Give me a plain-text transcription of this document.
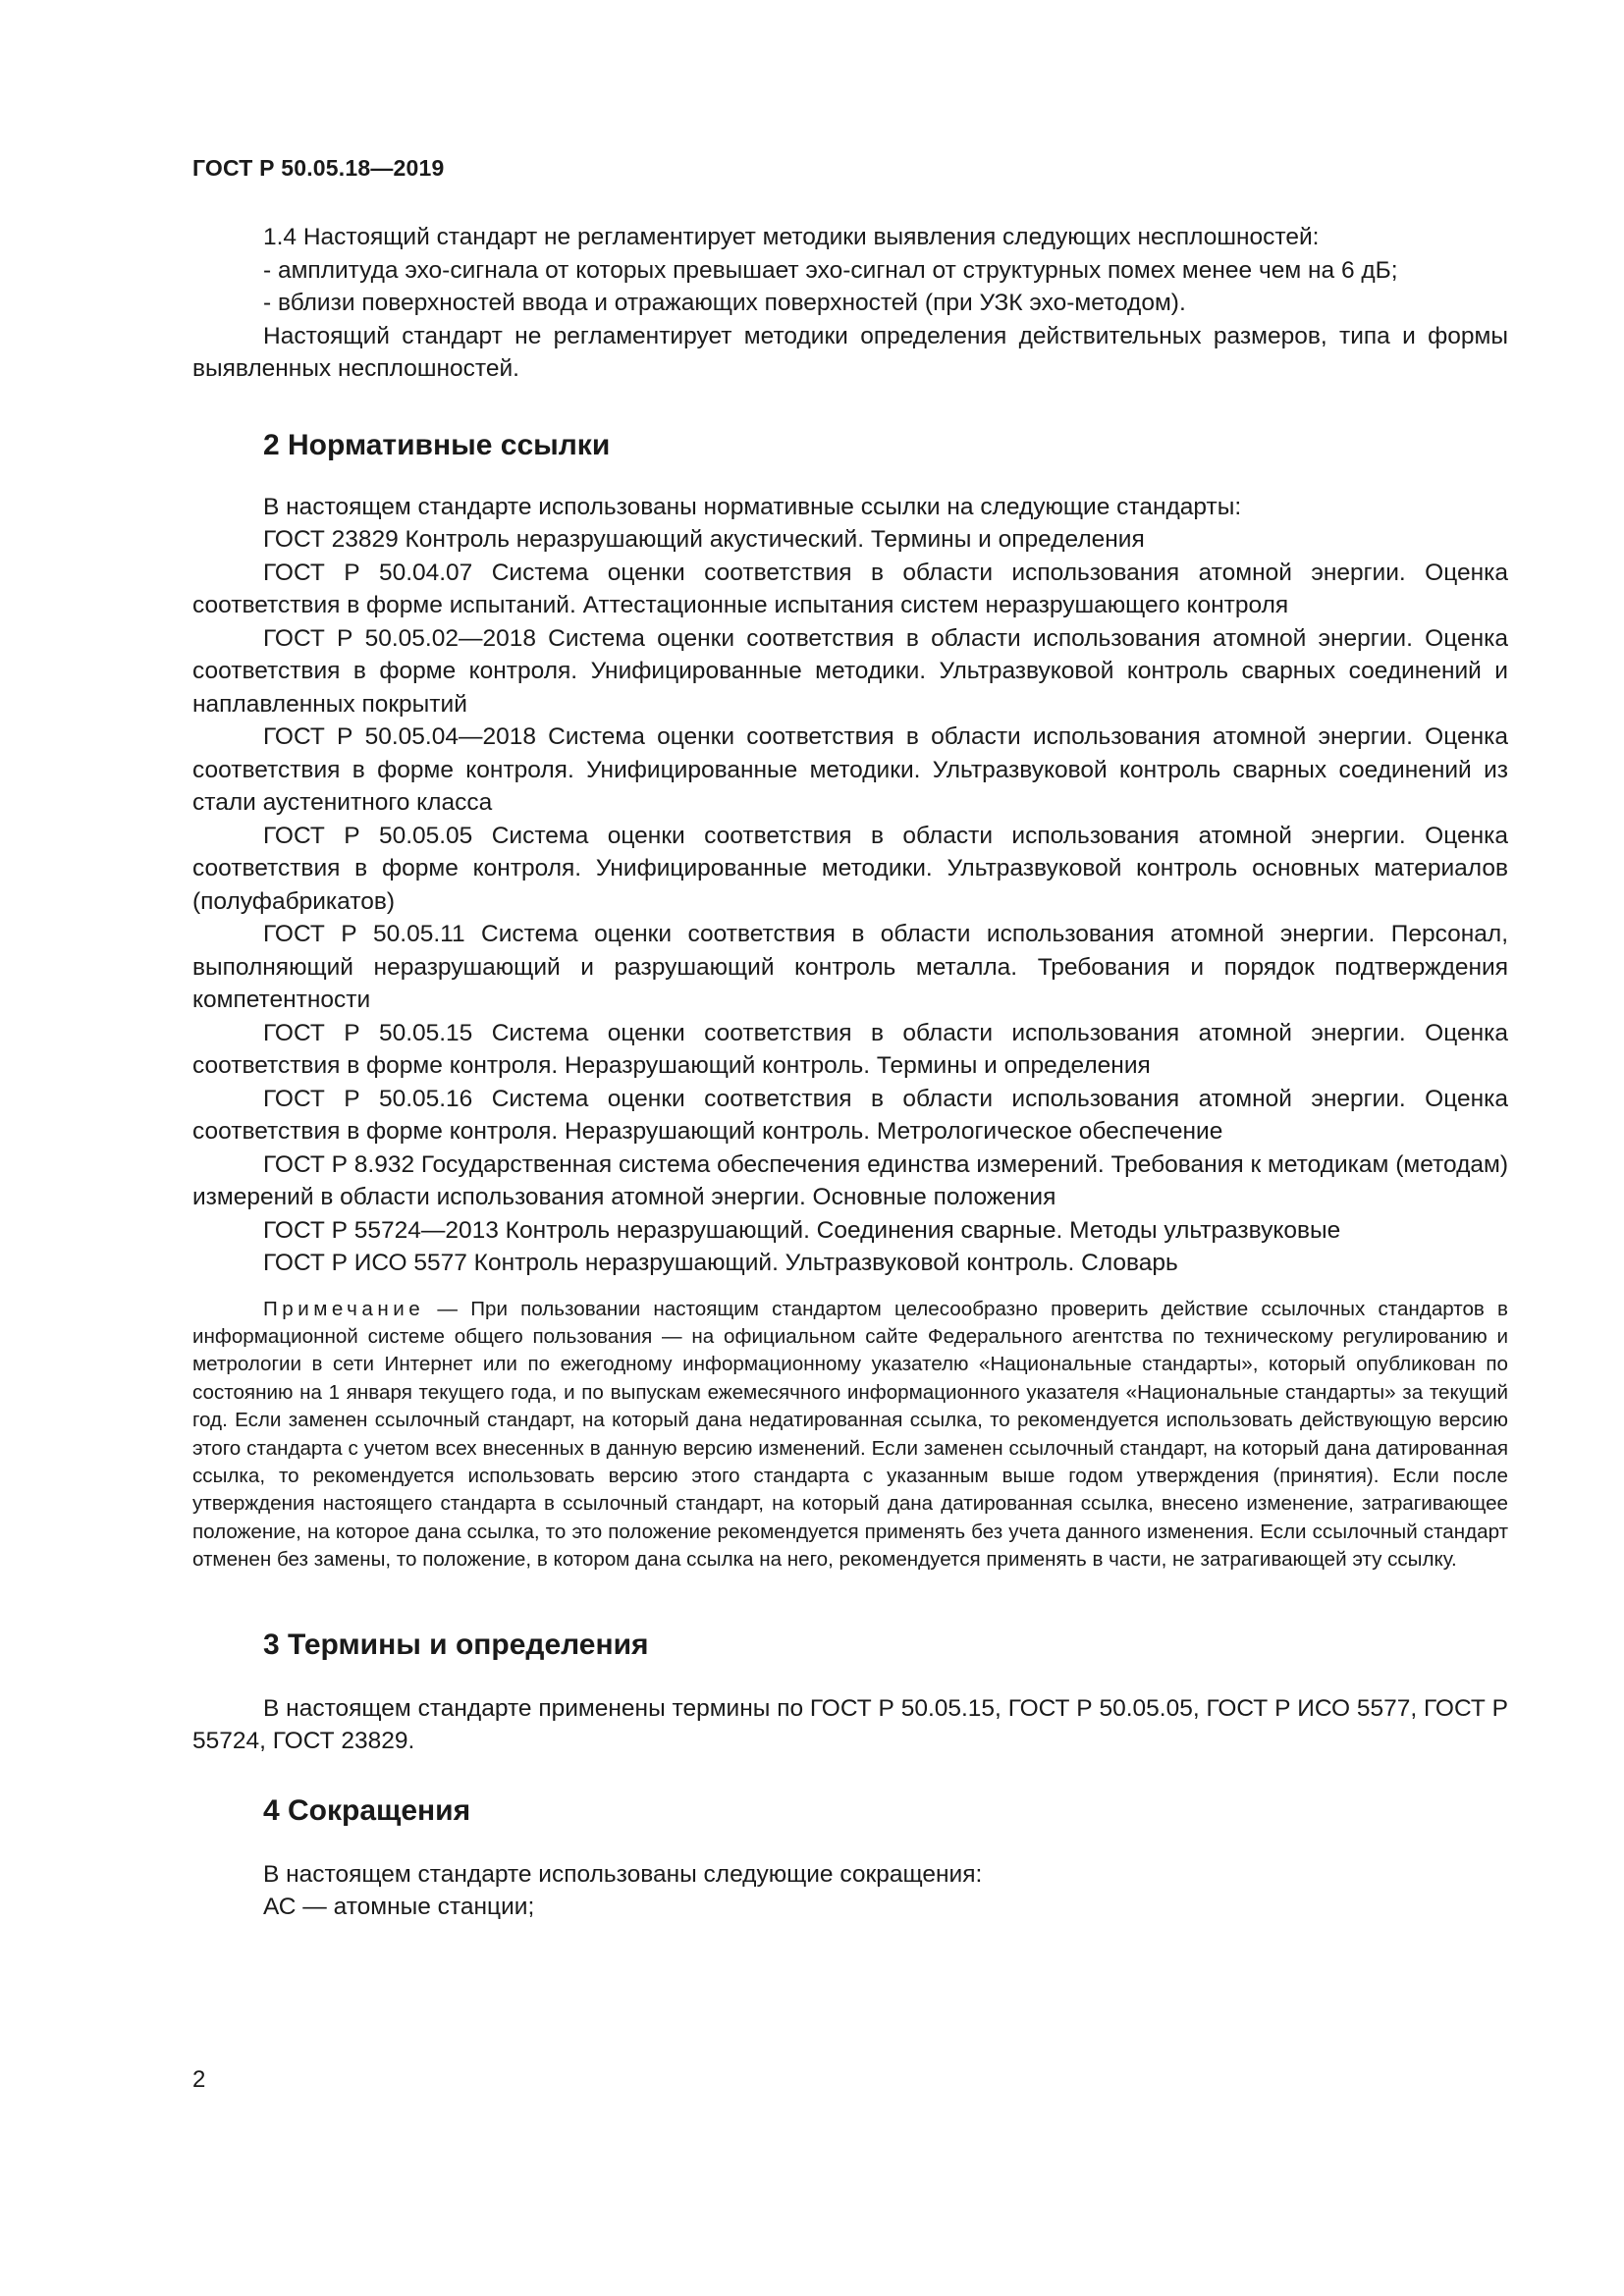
ГОСТ Р 50.05.18—2019

1.4 Настоящий стандарт не регламентирует методики выявления следующих несплошностей:

- амплитуда эхо-сигнала от которых превышает эхо-сигнал от структурных помех менее чем на 6 дБ;

- вблизи поверхностей ввода и отражающих поверхностей (при УЗК эхо-методом).

Настоящий стандарт не регламентирует методики определения действительных размеров, типа и формы выявленных несплошностей.

2 Нормативные ссылки

В настоящем стандарте использованы нормативные ссылки на следующие стандарты:

ГОСТ 23829 Контроль неразрушающий акустический. Термины и определения

ГОСТ Р 50.04.07 Система оценки соответствия в области использования атомной энергии. Оценка соответствия в форме испытаний. Аттестационные испытания систем неразрушающего контроля

ГОСТ Р 50.05.02—2018 Система оценки соответствия в области использования атомной энергии. Оценка соответствия в форме контроля. Унифицированные методики. Ультразвуковой контроль сварных соединений и наплавленных покрытий

ГОСТ Р 50.05.04—2018 Система оценки соответствия в области использования атомной энергии. Оценка соответствия в форме контроля. Унифицированные методики. Ультразвуковой контроль сварных соединений из стали аустенитного класса

ГОСТ Р 50.05.05 Система оценки соответствия в области использования атомной энергии. Оценка соответствия в форме контроля. Унифицированные методики. Ультразвуковой контроль основных материалов (полуфабрикатов)

ГОСТ Р 50.05.11 Система оценки соответствия в области использования атомной энергии. Персонал, выполняющий неразрушающий и разрушающий контроль металла. Требования и порядок подтверждения компетентности

ГОСТ Р 50.05.15 Система оценки соответствия в области использования атомной энергии. Оценка соответствия в форме контроля. Неразрушающий контроль. Термины и определения

ГОСТ Р 50.05.16 Система оценки соответствия в области использования атомной энергии. Оценка соответствия в форме контроля. Неразрушающий контроль. Метрологическое обеспечение

ГОСТ Р 8.932 Государственная система обеспечения единства измерений. Требования к методикам (методам) измерений в области использования атомной энергии. Основные положения

ГОСТ Р 55724—2013 Контроль неразрушающий. Соединения сварные. Методы ультразвуковые

ГОСТ Р ИСО 5577 Контроль неразрушающий. Ультразвуковой контроль. Словарь

Примечание — При пользовании настоящим стандартом целесообразно проверить действие ссылочных стандартов в информационной системе общего пользования — на официальном сайте Федерального агентства по техническому регулированию и метрологии в сети Интернет или по ежегодному информационному указателю «Национальные стандарты», который опубликован по состоянию на 1 января текущего года, и по выпускам ежемесячного информационного указателя «Национальные стандарты» за текущий год. Если заменен ссылочный стандарт, на который дана недатированная ссылка, то рекомендуется использовать действующую версию этого стандарта с учетом всех внесенных в данную версию изменений. Если заменен ссылочный стандарт, на который дана датированная ссылка, то рекомендуется использовать версию этого стандарта с указанным выше годом утверждения (принятия). Если после утверждения настоящего стандарта в ссылочный стандарт, на который дана датированная ссылка, внесено изменение, затрагивающее положение, на которое дана ссылка, то это положение рекомендуется применять без учета данного изменения. Если ссылочный стандарт отменен без замены, то положение, в котором дана ссылка на него, рекомендуется применять в части, не затрагивающей эту ссылку.
3 Термины и определения

В настоящем стандарте применены термины по ГОСТ Р 50.05.15, ГОСТ Р 50.05.05, ГОСТ Р ИСО 5577, ГОСТ Р 55724, ГОСТ 23829.

4 Сокращения

В настоящем стандарте использованы следующие сокращения:

АС — атомные станции;

2
